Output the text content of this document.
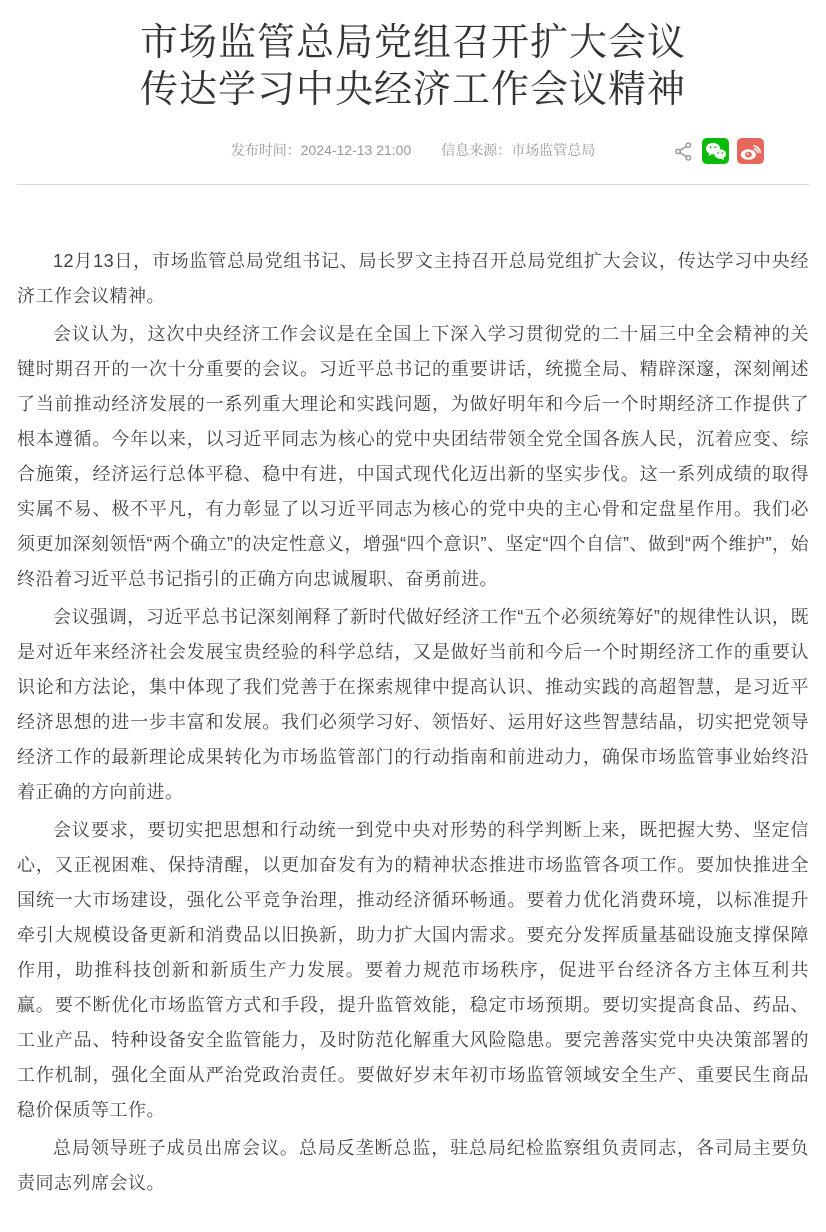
市场监管总局党组召开扩大会议
传达学习中央经济工作会议精神
发布时间：2024-12-13 21:00 信息来源：市场监管总局

12月13日，市场监管总局党组书记、局长罗文主持召开总局党组扩大会议，传达学习中央经济工作会议精神。

会议认为，这次中央经济工作会议是在全国上下深入学习贯彻党的二十届三中全会精神的关键时期召开的一次十分重要的会议。习近平总书记的重要讲话，统揽全局、精辟深邃，深刻阐述了当前推动经济发展的一系列重大理论和实践问题，为做好明年和今后一个时期经济工作提供了根本遵循。今年以来，以习近平同志为核心的党中央团结带领全党全国各族人民，沉着应变、综合施策，经济运行总体平稳、稳中有进，中国式现代化迈出新的坚实步伐。这一系列成绩的取得实属不易、极不平凡，有力彰显了以习近平同志为核心的党中央的主心骨和定盘星作用。我们必须更加深刻领悟“两个确立”的决定性意义，增强“四个意识”、坚定“四个自信”、做到“两个维护”，始终沿着习近平总书记指引的正确方向忠诚履职、奋勇前进。

会议强调，习近平总书记深刻阐释了新时代做好经济工作“五个必须统筹好”的规律性认识，既是对近年来经济社会发展宝贵经验的科学总结，又是做好当前和今后一个时期经济工作的重要认识论和方法论，集中体现了我们党善于在探索规律中提高认识、推动实践的高超智慧，是习近平经济思想的进一步丰富和发展。我们必须学习好、领悟好、运用好这些智慧结晶，切实把党领导经济工作的最新理论成果转化为市场监管部门的行动指南和前进动力，确保市场监管事业始终沿着正确的方向前进。

会议要求，要切实把思想和行动统一到党中央对形势的科学判断上来，既把握大势、坚定信心，又正视困难、保持清醒，以更加奋发有为的精神状态推进市场监管各项工作。要加快推进全国统一大市场建设，强化公平竞争治理，推动经济循环畅通。要着力优化消费环境，以标准提升牵引大规模设备更新和消费品以旧换新，助力扩大国内需求。要充分发挥质量基础设施支撑保障作用，助推科技创新和新质生产力发展。要着力规范市场秩序，促进平台经济各方主体互利共赢。要不断优化市场监管方式和手段，提升监管效能，稳定市场预期。要切实提高食品、药品、工业产品、特种设备安全监管能力，及时防范化解重大风险隐患。要完善落实党中央决策部署的工作机制，强化全面从严治党政治责任。要做好岁末年初市场监管领域安全生产、重要民生商品稳价保质等工作。

总局领导班子成员出席会议。总局反垄断总监，驻总局纪检监察组负责同志，各司局主要负责同志列席会议。
